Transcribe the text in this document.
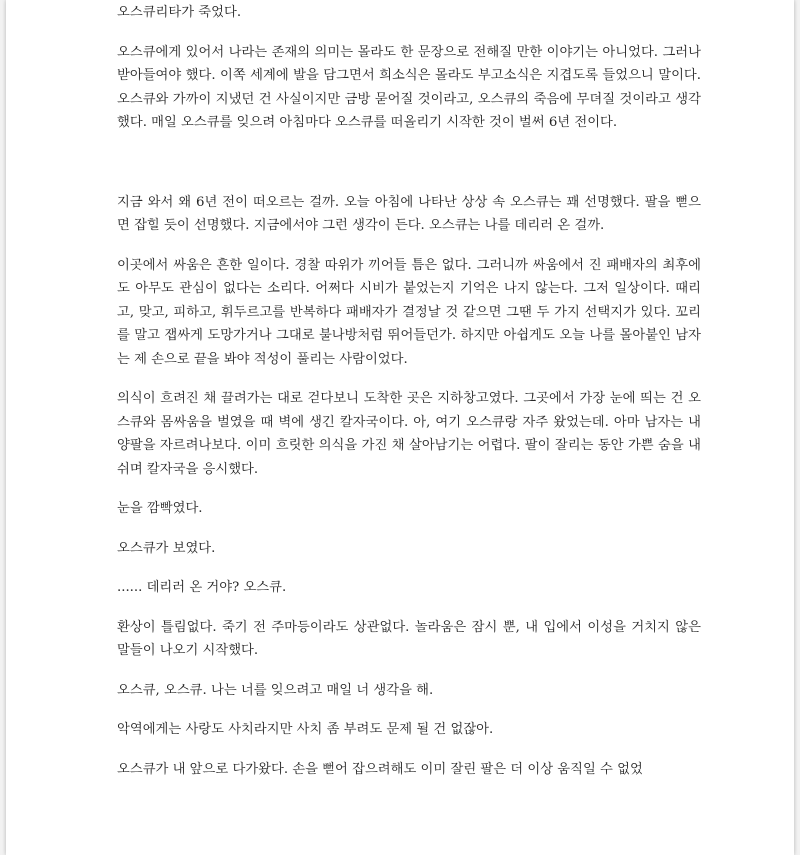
오스큐리타가 죽었다.

오스큐에게 있어서 나라는 존재의 의미는 몰라도 한 문장으로 전해질 만한 이야기는 아니었다. 그러나 받아들여야 했다. 이쪽 세계에 발을 담그면서 희소식은 몰라도 부고소식은 지겹도록 들었으니 말이다. 오스큐와 가까이 지냈던 건 사실이지만 금방 묻어질 것이라고, 오스큐의 죽음에 무뎌질 것이라고 생각했다. 매일 오스큐를 잊으려 아침마다 오스큐를 떠올리기 시작한 것이 벌써 6년 전이다.

지금 와서 왜 6년 전이 떠오르는 걸까. 오늘 아침에 나타난 상상 속 오스큐는 꽤 선명했다. 팔을 뻗으면 잡힐 듯이 선명했다. 지금에서야 그런 생각이 든다. 오스큐는 나를 데리러 온 걸까.

이곳에서 싸움은 흔한 일이다. 경찰 따위가 끼어들 틈은 없다. 그러니까 싸움에서 진 패배자의 최후에도 아무도 관심이 없다는 소리다. 어쩌다 시비가 붙었는지 기억은 나지 않는다. 그저 일상이다. 때리고, 맞고, 피하고, 휘두르고를 반복하다 패배자가 결정날 것 같으면 그땐 두 가지 선택지가 있다. 꼬리를 말고 잽싸게 도망가거나 그대로 불나방처럼 뛰어들던가. 하지만 아쉽게도 오늘 나를 몰아붙인 남자는 제 손으로 끝을 봐야 적성이 풀리는 사람이었다.

의식이 흐려진 채 끌려가는 대로 걷다보니 도착한 곳은 지하창고였다. 그곳에서 가장 눈에 띄는 건 오스큐와 몸싸움을 벌였을 때 벽에 생긴 칼자국이다. 아, 여기 오스큐랑 자주 왔었는데. 아마 남자는 내 양팔을 자르려나보다. 이미 흐릿한 의식을 가진 채 살아남기는 어렵다. 팔이 잘리는 동안 가쁜 숨을 내쉬며 칼자국을 응시했다.

눈을 깜빡였다.

오스큐가 보였다.

...... 데리러 온 거야? 오스큐.

환상이 틀림없다. 죽기 전 주마등이라도 상관없다. 놀라움은 잠시 뿐, 내 입에서 이성을 거치지 않은 말들이 나오기 시작했다.

오스큐, 오스큐. 나는 너를 잊으려고 매일 너 생각을 해.

악역에게는 사랑도 사치라지만 사치 좀 부려도 문제 될 건 없잖아.

오스큐가 내 앞으로 다가왔다. 손을 뻗어 잡으려해도 이미 잘린 팔은 더 이상 움직일 수 없었
